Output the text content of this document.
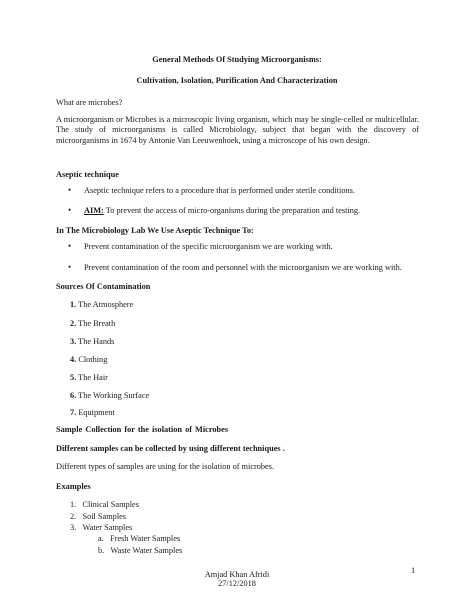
General Methods Of Studying Microorganisms:
Cultivation, Isolation, Purification And Characterization
What are microbes?
A microorganism or Microbes is a microscopic living organism, which may be single-celled or multicellular. The study of microorganisms is called Microbiology, subject that began with the discovery of microorganisms in 1674 by Antonie Van Leeuwenhoek, using a microscope of his own design.
Aseptic technique
• Aseptic technique refers to a procedure that is performed under sterile conditions.
• AIM: To prevent the access of micro-organisms during the preparation and testing.
In The Microbiology Lab We Use Aseptic Technique To:
• Prevent contamination of the specific microorganism we are working with.
• Prevent contamination of the room and personnel with the microorganism we are working with.
Sources Of Contamination
1. The Atmosphere
2. The Breath
3. The Hands
4. Clothing
5. The Hair
6. The Working Surface
7. Equipment
Sample Collection for the isolation of Microbes
Different samples can be collected by using different techniques .
Different types of samples are using for the isolation of microbes.
Examples
1. Clinical Samples
2. Soil Samples
3. Water Samples
a. Fresh Water Samples
b. Waste Water Samples
1
Amjad Khan Afridi
27/12/2018
